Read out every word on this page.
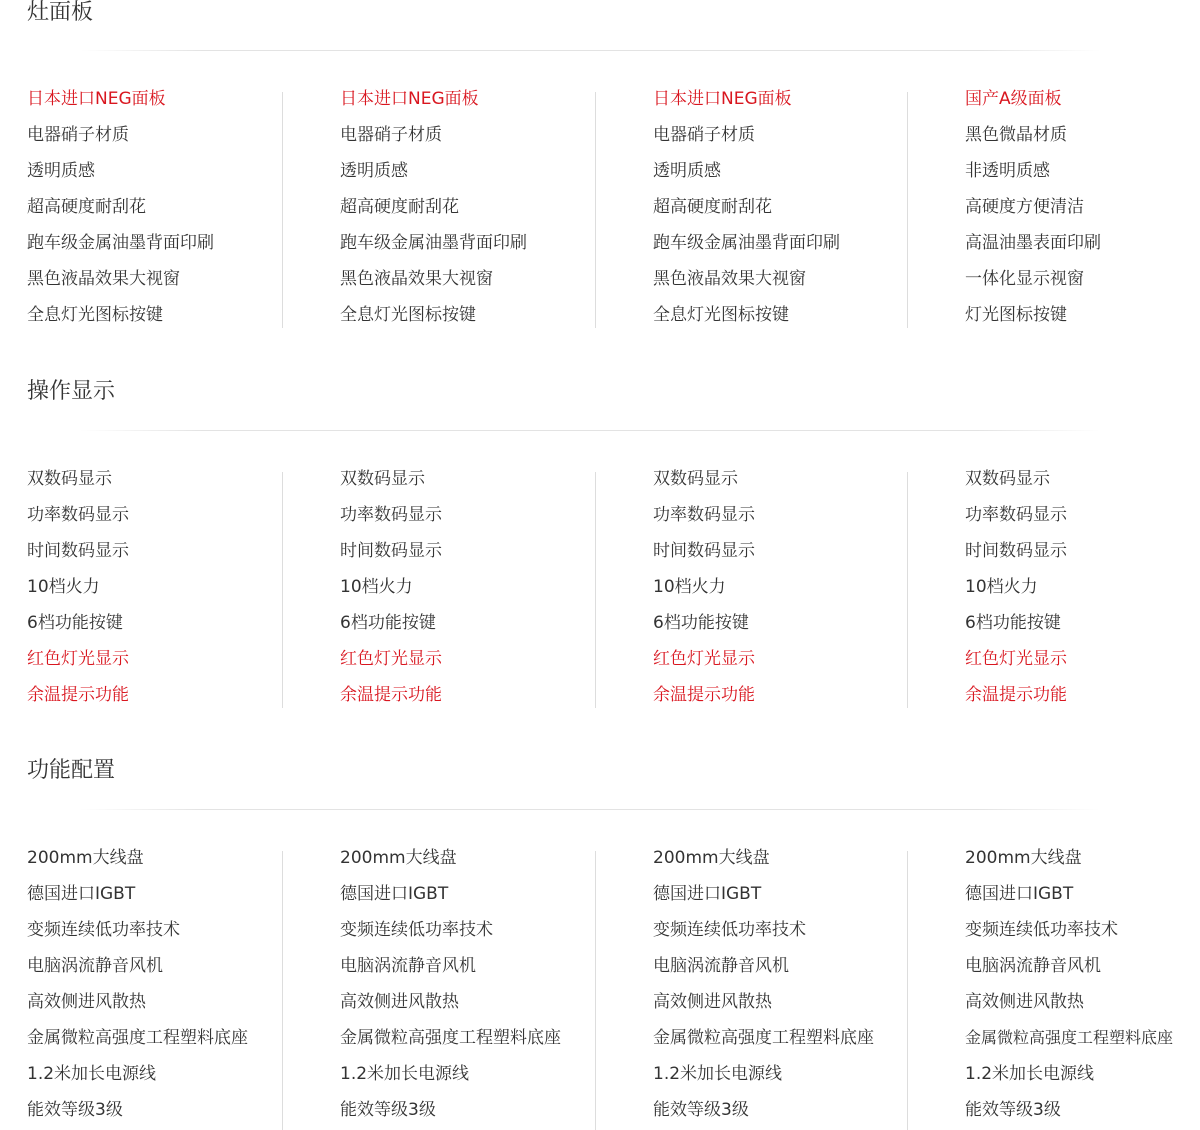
灶面板
日本进口NEG面板
电器硝子材质
透明质感
超高硬度耐刮花
跑车级金属油墨背面印刷
黑色液晶效果大视窗
全息灯光图标按键
日本进口NEG面板
电器硝子材质
透明质感
超高硬度耐刮花
跑车级金属油墨背面印刷
黑色液晶效果大视窗
全息灯光图标按键
日本进口NEG面板
电器硝子材质
透明质感
超高硬度耐刮花
跑车级金属油墨背面印刷
黑色液晶效果大视窗
全息灯光图标按键
国产A级面板
黑色微晶材质
非透明质感
高硬度方便清洁
高温油墨表面印刷
一体化显示视窗
灯光图标按键
操作显示
双数码显示
功率数码显示
时间数码显示
10档火力
6档功能按键
红色灯光显示
余温提示功能
双数码显示
功率数码显示
时间数码显示
10档火力
6档功能按键
红色灯光显示
余温提示功能
双数码显示
功率数码显示
时间数码显示
10档火力
6档功能按键
红色灯光显示
余温提示功能
双数码显示
功率数码显示
时间数码显示
10档火力
6档功能按键
红色灯光显示
余温提示功能
功能配置
200mm大线盘
德国进口IGBT
变频连续低功率技术
电脑涡流静音风机
高效侧进风散热
金属微粒高强度工程塑料底座
1.2米加长电源线
能效等级3级
200mm大线盘
德国进口IGBT
变频连续低功率技术
电脑涡流静音风机
高效侧进风散热
金属微粒高强度工程塑料底座
1.2米加长电源线
能效等级3级
200mm大线盘
德国进口IGBT
变频连续低功率技术
电脑涡流静音风机
高效侧进风散热
金属微粒高强度工程塑料底座
1.2米加长电源线
能效等级3级
200mm大线盘
德国进口IGBT
变频连续低功率技术
电脑涡流静音风机
高效侧进风散热
金属微粒高强度工程塑料底座
1.2米加长电源线
能效等级3级
